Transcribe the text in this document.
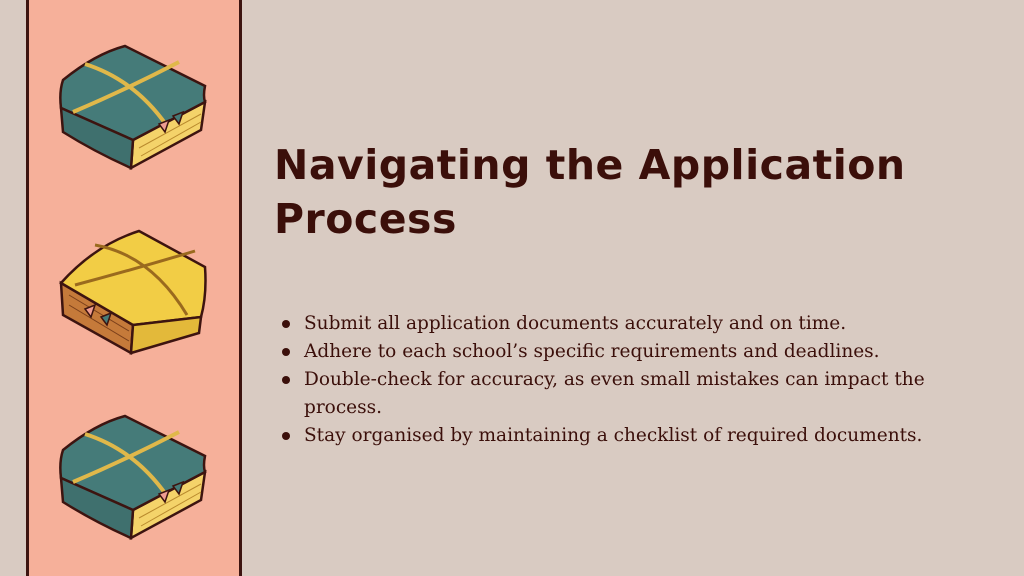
Navigating the Application Process
Submit all application documents accurately and on time.
Adhere to each school’s specific requirements and deadlines.
Double-check for accuracy, as even small mistakes can impact the process.
Stay organised by maintaining a checklist of required documents.
